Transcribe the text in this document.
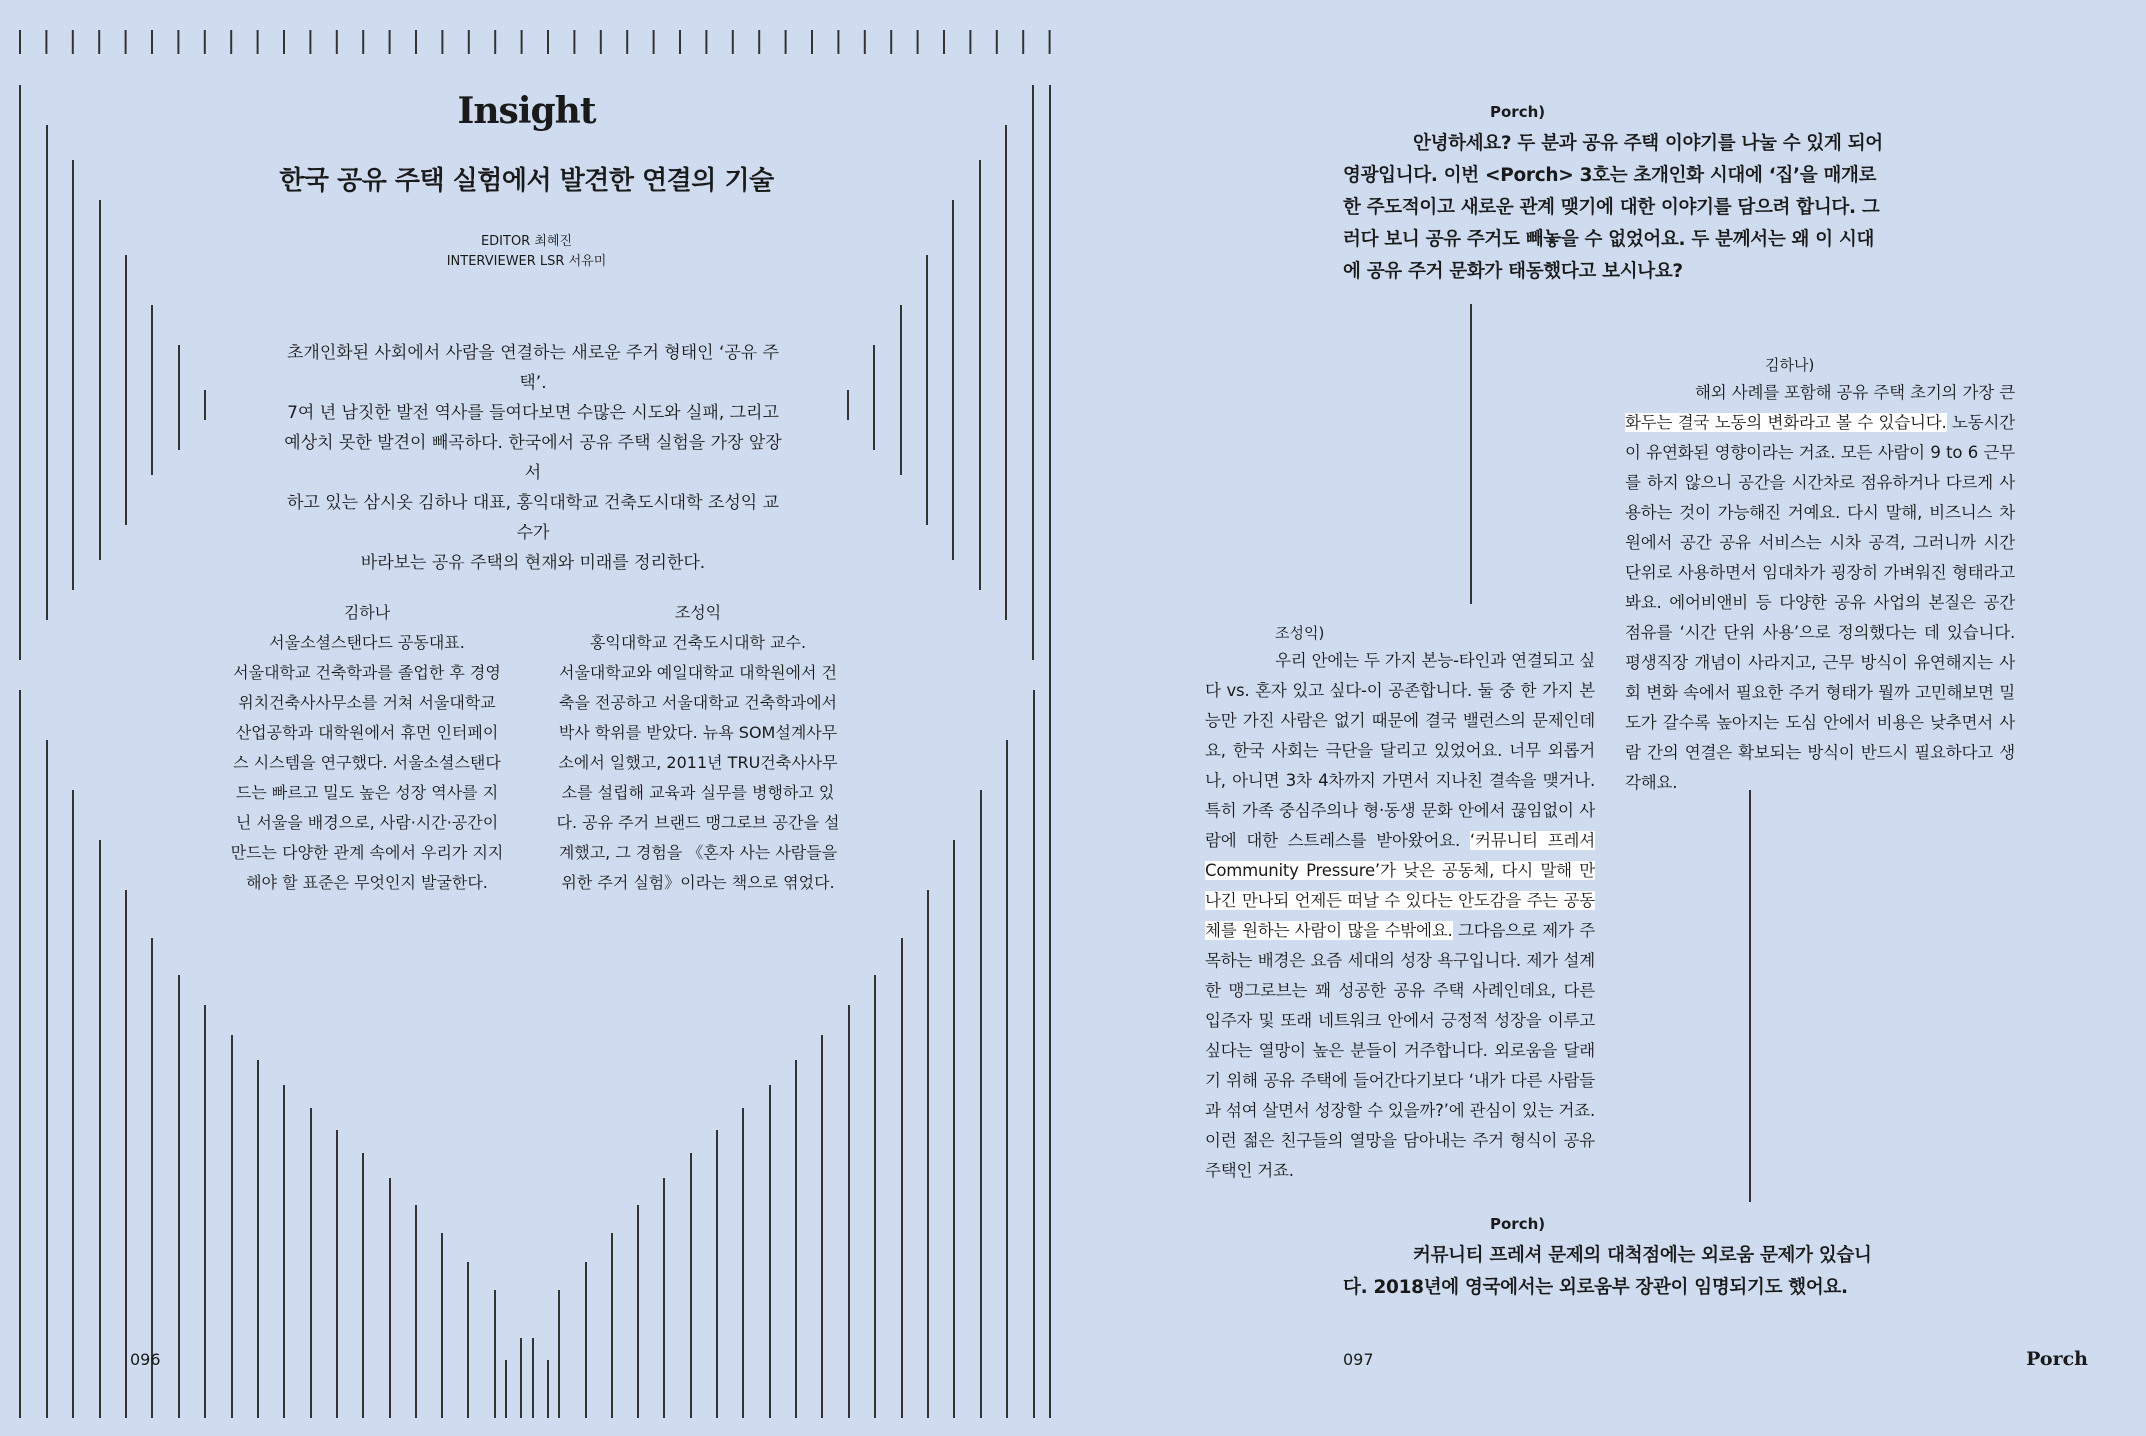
Insight
한국 공유 주택 실험에서 발견한 연결의 기술
EDITOR 최혜진
INTERVIEWER LSR 서유미
초개인화된 사회에서 사람을 연결하는 새로운 주거 형태인 ‘공유 주택’.
7여 년 남짓한 발전 역사를 들여다보면 수많은 시도와 실패, 그리고
예상치 못한 발견이 빼곡하다. 한국에서 공유 주택 실험을 가장 앞장서
하고 있는 삼시옷 김하나 대표, 홍익대학교 건축도시대학 조성익 교수가
바라보는 공유 주택의 현재와 미래를 정리한다.
김하나
서울소셜스탠다드 공동대표.
서울대학교 건축학과를 졸업한 후 경영
위치건축사사무소를 거쳐 서울대학교
산업공학과 대학원에서 휴먼 인터페이
스 시스템을 연구했다. 서울소셜스탠다
드는 빠르고 밀도 높은 성장 역사를 지
닌 서울을 배경으로, 사람·시간·공간이
만드는 다양한 관계 속에서 우리가 지지
해야 할 표준은 무엇인지 발굴한다.
조성익
홍익대학교 건축도시대학 교수.
서울대학교와 예일대학교 대학원에서 건
축을 전공하고 서울대학교 건축학과에서
박사 학위를 받았다. 뉴욕 SOM설계사무
소에서 일했고, 2011년 TRU건축사사무
소를 설립해 교육과 실무를 병행하고 있
다. 공유 주거 브랜드 맹그로브 공간을 설
계했고, 그 경험을 《혼자 사는 사람들을
위한 주거 실험》이라는 책으로 엮었다.
096
Porch)

안녕하세요? 두 분과 공유 주택 이야기를 나눌 수 있게 되어 영광입니다. 이번 <Porch> 3호는 초개인화 시대에 ‘집’을 매개로 한 주도적이고 새로운 관계 맺기에 대한 이야기를 담으려 합니다. 그러다 보니 공유 주거도 빼놓을 수 없었어요. 두 분께서는 왜 이 시대에 공유 주거 문화가 태동했다고 보시나요?

김하나)

해외 사례를 포함해 공유 주택 초기의 가장 큰 화두는 결국 노동의 변화라고 볼 수 있습니다. 노동시간이 유연화된 영향이라는 거죠. 모든 사람이 9 to 6 근무를 하지 않으니 공간을 시간차로 점유하거나 다르게 사용하는 것이 가능해진 거예요. 다시 말해, 비즈니스 차원에서 공간 공유 서비스는 시차 공격, 그러니까 시간 단위로 사용하면서 임대차가 굉장히 가벼워진 형태라고 봐요. 에어비앤비 등 다양한 공유 사업의 본질은 공간 점유를 ‘시간 단위 사용’으로 정의했다는 데 있습니다. 평생직장 개념이 사라지고, 근무 방식이 유연해지는 사회 변화 속에서 필요한 주거 형태가 뭘까 고민해보면 밀도가 갈수록 높아지는 도심 안에서 비용은 낮추면서 사람 간의 연결은 확보되는 방식이 반드시 필요하다고 생각해요.

조성익)

우리 안에는 두 가지 본능-타인과 연결되고 싶다 vs. 혼자 있고 싶다-이 공존합니다. 둘 중 한 가지 본능만 가진 사람은 없기 때문에 결국 밸런스의 문제인데요, 한국 사회는 극단을 달리고 있었어요. 너무 외롭거나, 아니면 3차 4차까지 가면서 지나친 결속을 맺거나. 특히 가족 중심주의나 형·동생 문화 안에서 끊임없이 사람에 대한 스트레스를 받아왔어요. ‘커뮤니티 프레셔 Community Pressure’가 낮은 공동체, 다시 말해 만나긴 만나되 언제든 떠날 수 있다는 안도감을 주는 공동체를 원하는 사람이 많을 수밖에요. 그다음으로 제가 주목하는 배경은 요즘 세대의 성장 욕구입니다. 제가 설계한 맹그로브는 꽤 성공한 공유 주택 사례인데요, 다른 입주자 및 또래 네트워크 안에서 긍정적 성장을 이루고 싶다는 열망이 높은 분들이 거주합니다. 외로움을 달래기 위해 공유 주택에 들어간다기보다 ‘내가 다른 사람들과 섞여 살면서 성장할 수 있을까?’에 관심이 있는 거죠. 이런 젊은 친구들의 열망을 담아내는 주거 형식이 공유 주택인 거죠.

Porch)

커뮤니티 프레셔 문제의 대척점에는 외로움 문제가 있습니다. 2018년에 영국에서는 외로움부 장관이 임명되기도 했어요.

097	Porch
